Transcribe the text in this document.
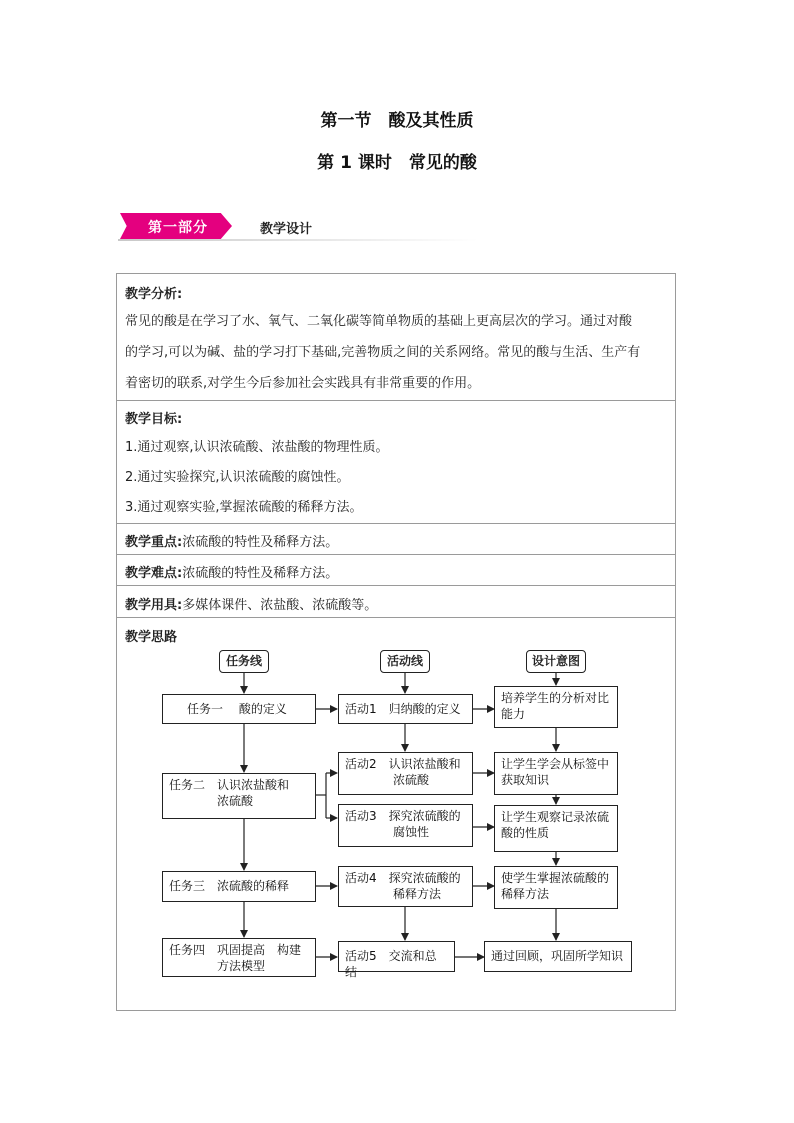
第一节　酸及其性质
第 1 课时　常见的酸
第一部分	教学设计
教学分析:
常见的酸是在学习了水、氧气、二氧化碳等简单物质的基础上更高层次的学习。通过对酸
的学习,可以为碱、盐的学习打下基础,完善物质之间的关系网络。常见的酸与生活、生产有
着密切的联系,对学生今后参加社会实践具有非常重要的作用。
教学目标:
1.通过观察,认识浓硫酸、浓盐酸的物理性质。
2.通过实验探究,认识浓硫酸的腐蚀性。
3.通过观察实验,掌握浓硫酸的稀释方法。
教学重点:浓硫酸的特性及稀释方法。
教学难点:浓硫酸的特性及稀释方法。
教学用具:多媒体课件、浓盐酸、浓硫酸等。
教学思路
任务线	活动线	设计意图
任务一　 酸的定义
任务二　认识浓盐酸和
　　　　浓硫酸
任务三　浓硫酸的稀释
任务四　巩固提高　构建
　　　　方法模型
活动1　归纳酸的定义
活动2　认识浓盐酸和
　　　　浓硫酸
活动3　探究浓硫酸的
　　　　腐蚀性
活动4　探究浓硫酸的
　　　　稀释方法
活动5　交流和总结
培养学生的分析对比
能力
让学生学会从标签中
获取知识
让学生观察记录浓硫
酸的性质
使学生掌握浓硫酸的
稀释方法
通过回顾，巩固所学知识
